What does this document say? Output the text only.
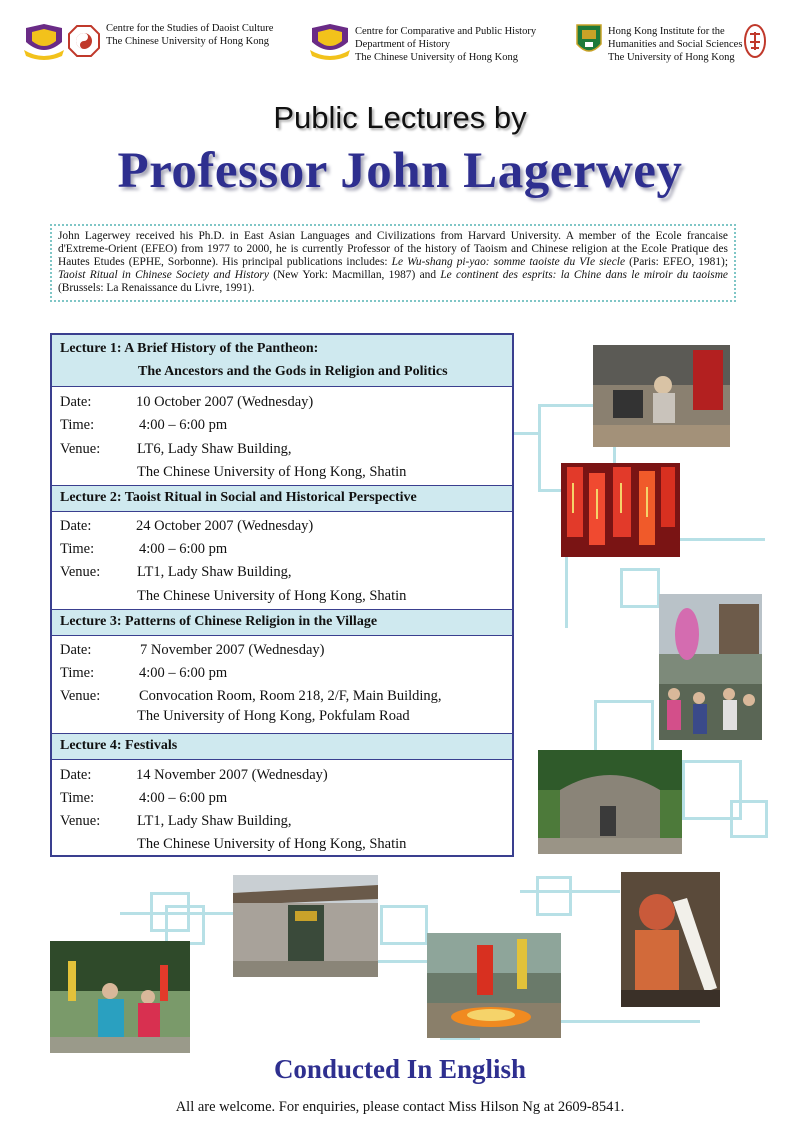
Centre for the Studies of Daoist Culture
The Chinese University of Hong Kong
Centre for Comparative and Public History
Department of History
The Chinese University of Hong Kong
Hong Kong Institute for the
Humanities and Social Sciences
The University of Hong Kong
Public Lectures by
Professor John Lagerwey
John Lagerwey received his Ph.D. in East Asian Languages and Civilizations from Harvard University. A member of the Ecole francaise d'Extreme-Orient (EFEO) from 1977 to 2000, he is currently Professor of the history of Taoism and Chinese religion at the Ecole Pratique des Hautes Etudes (EPHE, Sorbonne). His principal publications includes: Le Wu-shang pi-yao: somme taoiste du VIe siecle (Paris: EFEO, 1981); Taoist Ritual in Chinese Society and History (New York: Macmillan, 1987) and Le continent des esprits: la Chine dans le miroir du taoisme (Brussels: La Renaissance du Livre, 1991).
Lecture 1: A Brief History of the Pantheon:
The Ancestors and the Gods in Religion and Politics
Date:	10 October 2007 (Wednesday)
Time:	4:00 – 6:00 pm
Venue:	LT6, Lady Shaw Building,
The Chinese University of Hong Kong, Shatin
Lecture 2: Taoist Ritual in Social and Historical Perspective
Date:	24 October 2007 (Wednesday)
Time:	4:00 – 6:00 pm
Venue:	LT1, Lady Shaw Building,
The Chinese University of Hong Kong, Shatin
Lecture 3: Patterns of Chinese Religion in the Village
Date:	7 November 2007 (Wednesday)
Time:	4:00 – 6:00 pm
Venue:	Convocation Room, Room 218, 2/F, Main Building,
The University of Hong Kong, Pokfulam Road
Lecture 4: Festivals
Date:	14 November 2007 (Wednesday)
Time:	4:00 – 6:00 pm
Venue:	LT1, Lady Shaw Building,
The Chinese University of Hong Kong, Shatin
Conducted In English
All are welcome. For enquiries, please contact Miss Hilson Ng at 2609-8541.
